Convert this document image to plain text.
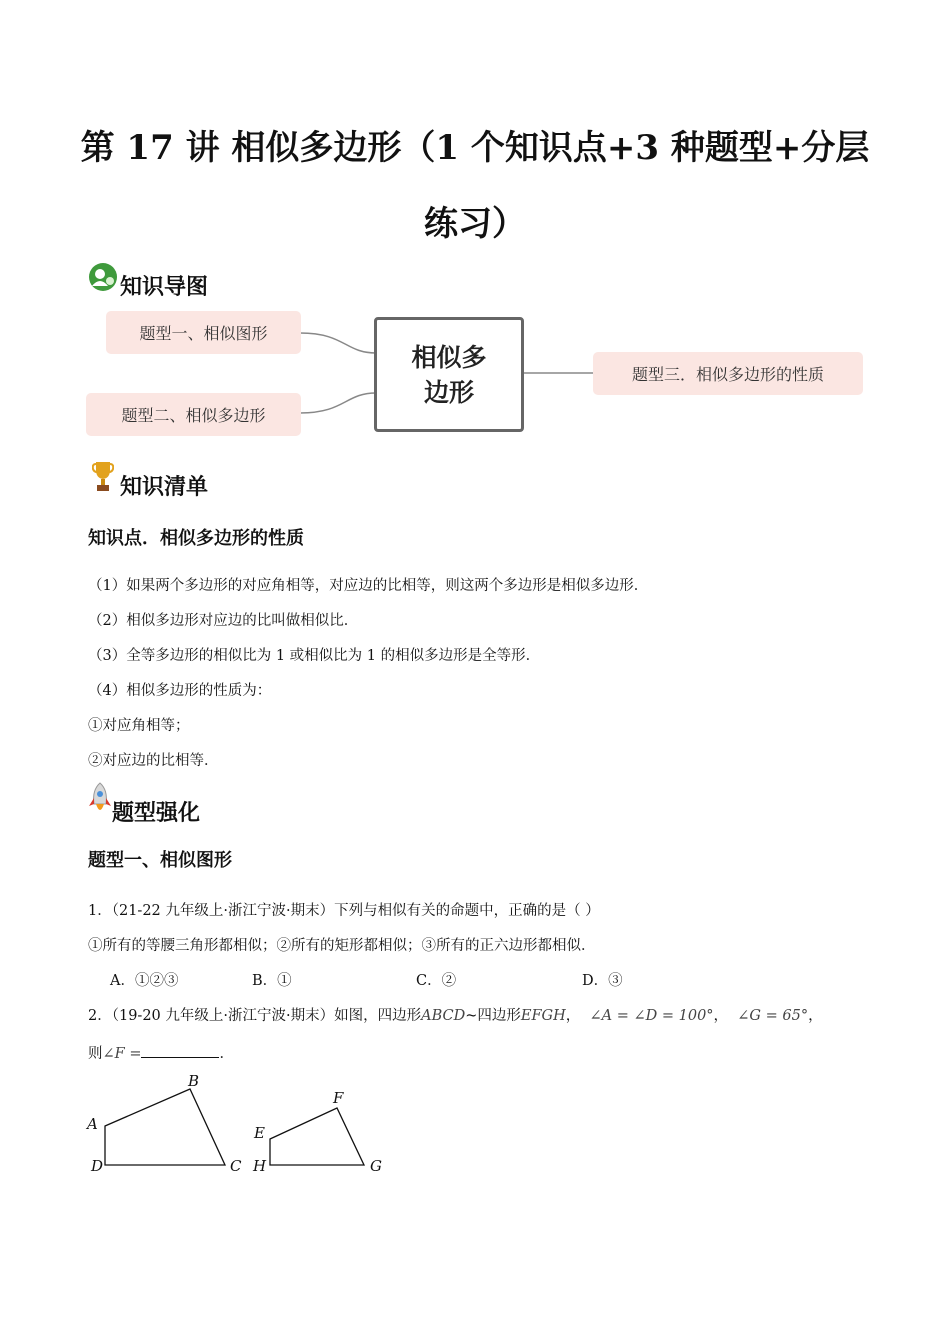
第 17 讲 相似多边形（1 个知识点+3 种题型+分层
练习）
知识导图
题型一、相似图形
题型二、相似多边形
题型三．相似多边形的性质
相似多
边形
知识清单
知识点．相似多边形的性质
（1）如果两个多边形的对应角相等，对应边的比相等，则这两个多边形是相似多边形．
（2）相似多边形对应边的比叫做相似比．
（3）全等多边形的相似比为 1 或相似比为 1 的相似多边形是全等形．
（4）相似多边形的性质为：
①对应角相等；
②对应边的比相等．
题型强化
题型一、相似图形
1．（21-22 九年级上·浙江宁波·期末）下列与相似有关的命题中，正确的是（ ）
①所有的等腰三角形都相似；②所有的矩形都相似；③所有的正六边形都相似．
A．①②③	B．①	C．②	D．③
2．（19-20 九年级上·浙江宁波·期末）如图，四边形ABCD~四边形EFGH， ∠A = ∠D = 100°， ∠G = 65°，
则∠F =	．
A
B
C
D
E
F
G
H
